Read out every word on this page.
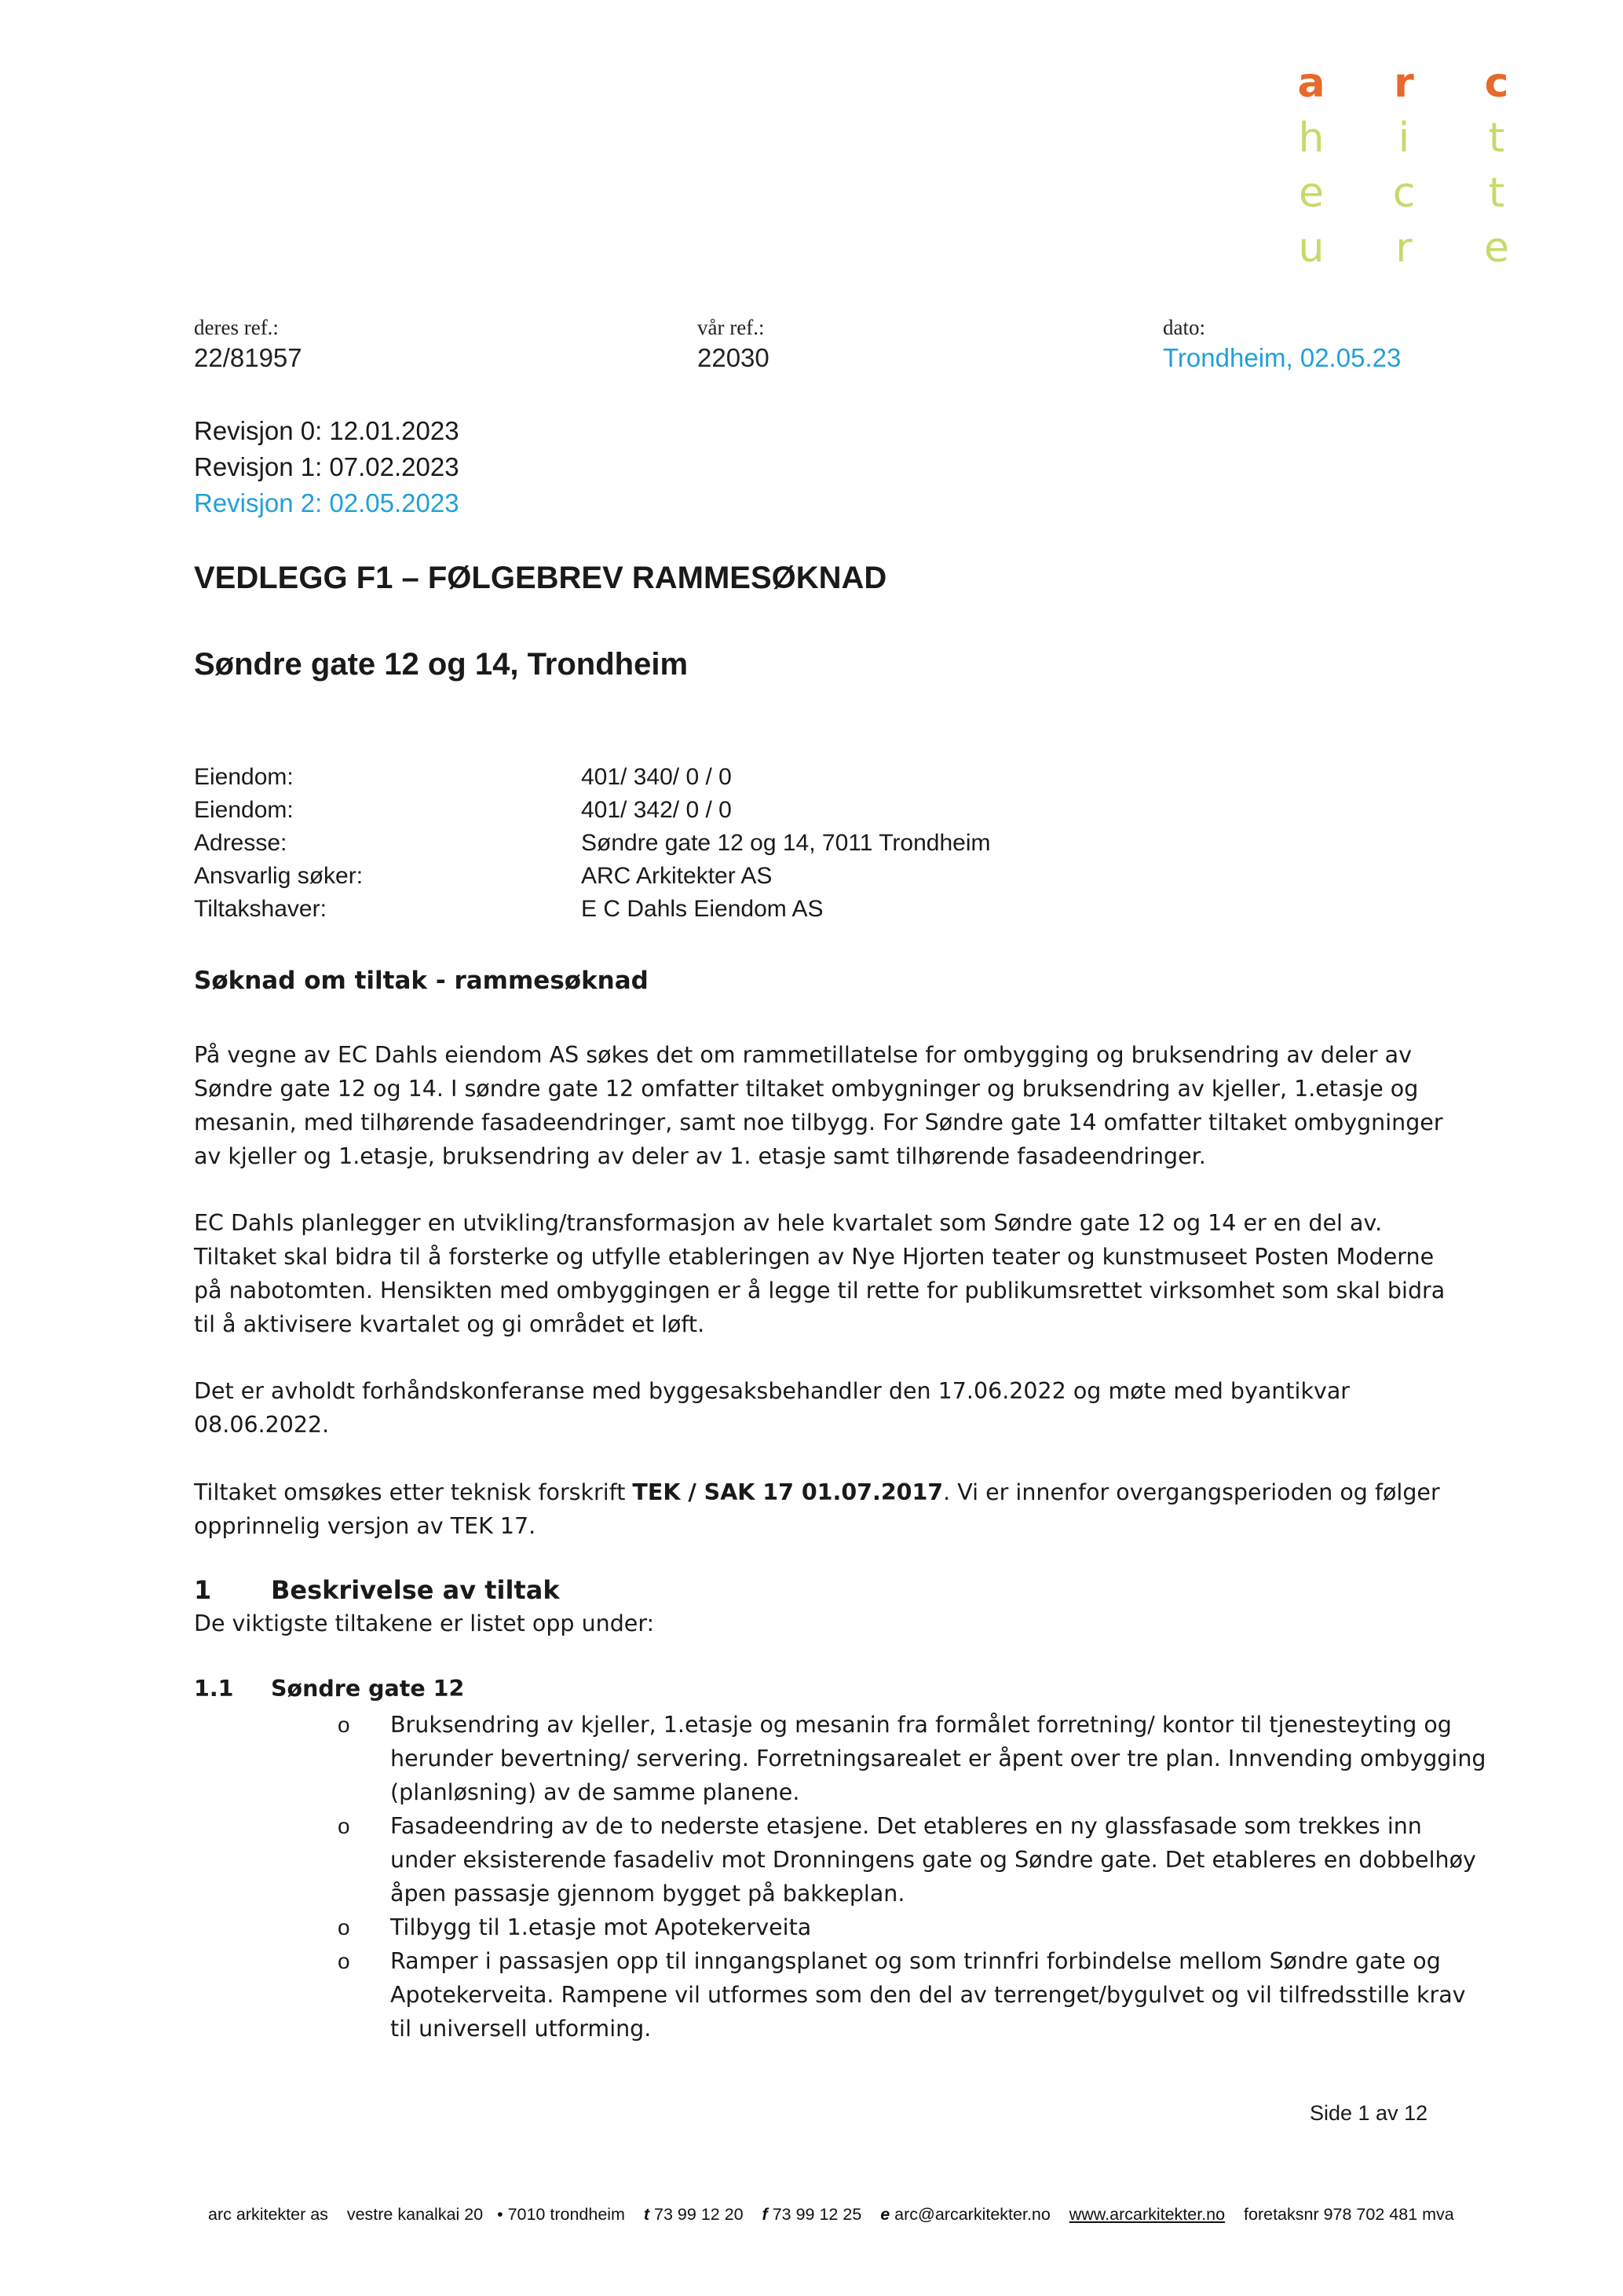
a	r	c
h	i	t
e	c	t
u	r	e
deres ref.:
22/81957
vår ref.:
22030
dato:
Trondheim, 02.05.23
Revisjon 0: 12.01.2023
Revisjon 1: 07.02.2023
Revisjon 2: 02.05.2023
VEDLEGG F1 – FØLGEBREV RAMMESØKNAD
Søndre gate 12 og 14, Trondheim
Eiendom:	401/ 340/ 0 / 0
Eiendom:	401/ 342/ 0 / 0
Adresse:	Søndre gate 12 og 14, 7011 Trondheim
Ansvarlig søker:	ARC Arkitekter AS
Tiltakshaver:	E C Dahls Eiendom AS
Søknad om tiltak - rammesøknad

På vegne av EC Dahls eiendom AS søkes det om rammetillatelse for ombygging og bruksendring av deler av Søndre gate 12 og 14. I søndre gate 12 omfatter tiltaket ombygninger og bruksendring av kjeller, 1.etasje og mesanin, med tilhørende fasadeendringer, samt noe tilbygg. For Søndre gate 14 omfatter tiltaket ombygninger av kjeller og 1.etasje, bruksendring av deler av 1. etasje samt tilhørende fasadeendringer.

EC Dahls planlegger en utvikling/transformasjon av hele kvartalet som Søndre gate 12 og 14 er en del av. Tiltaket skal bidra til å forsterke og utfylle etableringen av Nye Hjorten teater og kunstmuseet Posten Moderne på nabotomten. Hensikten med ombyggingen er å legge til rette for publikumsrettet virksomhet som skal bidra til å aktivisere kvartalet og gi området et løft.

Det er avholdt forhåndskonferanse med byggesaksbehandler den 17.06.2022 og møte med byantikvar 08.06.2022.

Tiltaket omsøkes etter teknisk forskrift TEK / SAK 17 01.07.2017. Vi er innenfor overgangsperioden og følger opprinnelig versjon av TEK 17.

1 Beskrivelse av tiltak

De viktigste tiltakene er listet opp under:

1.1 Søndre gate 12
o Bruksendring av kjeller, 1.etasje og mesanin fra formålet forretning/ kontor til tjenesteyting og herunder bevertning/ servering. Forretningsarealet er åpent over tre plan. Innvending ombygging (planløsning) av de samme planene.
o Fasadeendring av de to nederste etasjene. Det etableres en ny glassfasade som trekkes inn under eksisterende fasadeliv mot Dronningens gate og Søndre gate. Det etableres en dobbelhøy åpen passasje gjennom bygget på bakkeplan.
o Tilbygg til 1.etasje mot Apotekerveita
o Ramper i passasjen opp til inngangsplanet og som trinnfri forbindelse mellom Søndre gate og Apotekerveita. Rampene vil utformes som den del av terrenget/bygulvet og vil tilfredsstille krav til universell utforming.
Side 1 av 12
arc arkitekter as vestre kanalkai 20 • 7010 trondheim t 73 99 12 20 f 73 99 12 25 e arc@arcarkitekter.no www.arcarkitekter.no foretaksnr 978 702 481 mva
